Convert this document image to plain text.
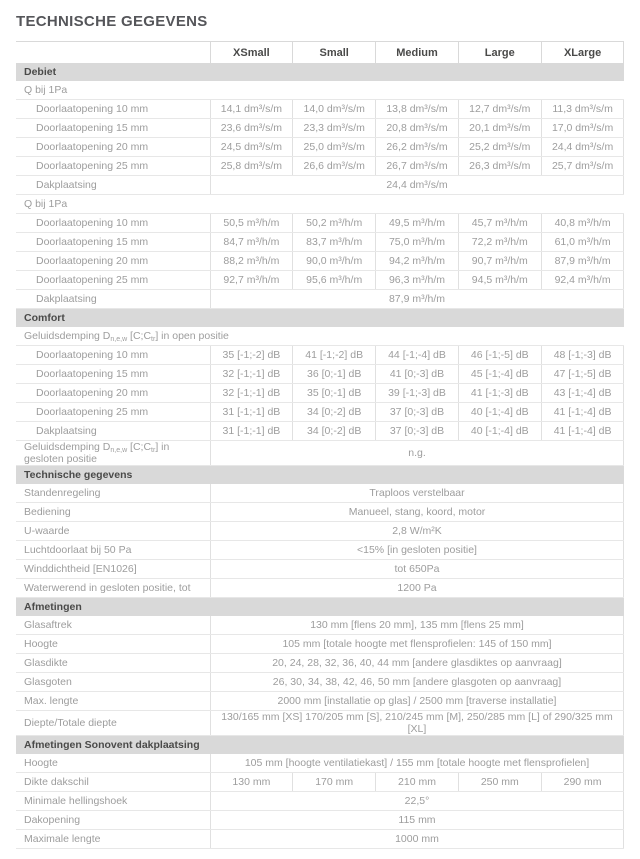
TECHNISCHE GEGEVENS
	XSmall	Small	Medium	Large	XLarge
Debiet					
Q bij 1Pa					
Doorlaatopening 10 mm	14,1 dm³/s/m	14,0 dm³/s/m	13,8 dm³/s/m	12,7 dm³/s/m	11,3 dm³/s/m
Doorlaatopening 15 mm	23,6 dm³/s/m	23,3 dm³/s/m	20,8 dm³/s/m	20,1 dm³/s/m	17,0 dm³/s/m
Doorlaatopening 20 mm	24,5 dm³/s/m	25,0 dm³/s/m	26,2 dm³/s/m	25,2 dm³/s/m	24,4 dm³/s/m
Doorlaatopening 25 mm	25,8 dm³/s/m	26,6 dm³/s/m	26,7 dm³/s/m	26,3 dm³/s/m	25,7 dm³/s/m
Dakplaatsing	24,4 dm³/s/m				
Q bij 1Pa					
Doorlaatopening 10 mm	50,5 m³/h/m	50,2 m³/h/m	49,5 m³/h/m	45,7 m³/h/m	40,8 m³/h/m
Doorlaatopening 15 mm	84,7 m³/h/m	83,7 m³/h/m	75,0 m³/h/m	72,2 m³/h/m	61,0 m³/h/m
Doorlaatopening 20 mm	88,2 m³/h/m	90,0 m³/h/m	94,2 m³/h/m	90,7 m³/h/m	87,9 m³/h/m
Doorlaatopening 25 mm	92,7 m³/h/m	95,6 m³/h/m	96,3 m³/h/m	94,5 m³/h/m	92,4 m³/h/m
Dakplaatsing	87,9 m³/h/m				
Comfort					
Geluidsdemping $D_{n,e,w}$ $[C;C_{tr}]$ in open positie					
Doorlaatopening 10 mm	35 [-1;-2] dB	41 [-1;-2] dB	44 [-1;-4] dB	46 [-1;-5] dB	48 [-1;-3] dB
Doorlaatopening 15 mm	32 [-1;-1] dB	36 [0;-1] dB	41 [0;-3] dB	45 [-1;-4] dB	47 [-1;-5] dB
Doorlaatopening 20 mm	32 [-1;-1] dB	35 [0;-1] dB	39 [-1;-3] dB	41 [-1;-3] dB	43 [-1;-4] dB
Doorlaatopening 25 mm	31 [-1;-1] dB	34 [0;-2] dB	37 [0;-3] dB	40 [-1;-4] dB	41 [-1;-4] dB
Dakplaatsing	31 [-1;-1] dB	34 [0;-2] dB	37 [0;-3] dB	40 [-1;-4] dB	41 [-1;-4] dB
Geluidsdemping $D_{n,e,w}$ $[C;C_{tr}]$ in gesloten positie	n.g.				
Technische gegevens					
Standenregeling	Traploos verstelbaar				
Bediening	Manueel, stang, koord, motor				
U-waarde	2,8 W/m²K				
Luchtdoorlaat bij 50 Pa	<15% [in gesloten positie]				
Winddichtheid [EN1026]	tot 650Pa				
Waterwerend in gesloten positie, tot	1200 Pa				
Afmetingen					
Glasaftrek	130 mm [flens 20 mm], 135 mm [flens 25 mm]				
Hoogte	105 mm [totale hoogte met flensprofielen: 145 of 150 mm]				
Glasdikte	20, 24, 28, 32, 36, 40, 44 mm [andere glasdiktes op aanvraag]				
Glasgoten	26, 30, 34, 38, 42, 46, 50 mm [andere glasgoten op aanvraag]				
Max. lengte	2000 mm [installatie op glas] / 2500 mm [traverse installatie]				
Diepte/Totale diepte	130/165 mm [XS] 170/205 mm [S], 210/245 mm [M], 250/285 mm [L] of 290/325 mm [XL]				
Afmetingen Sonovent dakplaatsing					
Hoogte	105 mm [hoogte ventilatiekast] / 155 mm [totale hoogte met flensprofielen]				
Dikte dakschil	130 mm	170 mm	210 mm	250 mm	290 mm
Minimale hellingshoek	22,5°				
Dakopening	115 mm				
Maximale lengte	1000 mm				
